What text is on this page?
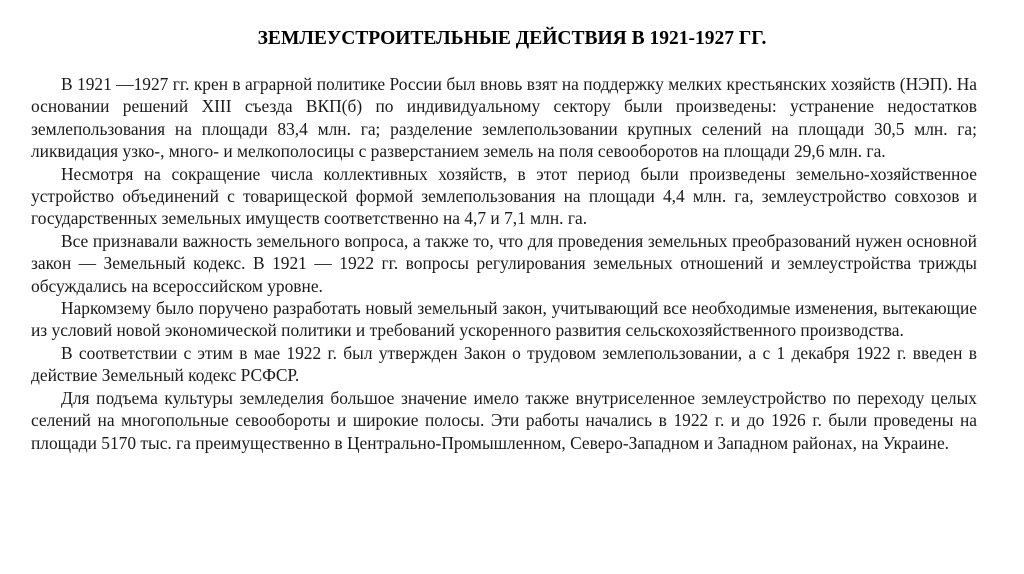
ЗЕМЛЕУСТРОИТЕЛЬНЫЕ ДЕЙСТВИЯ В 1921-1927 ГГ.

В 1921 —1927 гг. крен в аграрной политике России был вновь взят на поддержку мелких крестьянских хозяйств (НЭП). На основании решений XIII съезда ВКП(б) по индивидуальному сектору были произведены: устранение недостатков землепользования на площади 83,4 млн. га; разделение землепользовании крупных селений на площади 30,5 млн. га; ликвидация узко-, много- и мелкополосицы с разверстанием земель на поля севооборотов на площади 29,6 млн. га.

Несмотря на сокращение числа коллективных хозяйств, в этот период были произведены земельно-хозяйственное устройство объединений с товарищеской формой землепользования на площади 4,4 млн. га, землеустройство совхозов и государственных земельных имуществ соответственно на 4,7 и 7,1 млн. га.

Все признавали важность земельного вопроса, а также то, что для проведения земельных преобразований нужен основной закон — Земельный кодекс. В 1921 — 1922 гг. вопросы регулирования земельных отношений и землеустройства трижды обсуждались на всероссийском уровне.

Наркомзему было поручено разработать новый земельный закон, учитывающий все необходимые изменения, вытекающие из условий новой экономической политики и требований ускоренного развития сельскохозяйственного производства.

В соответствии с этим в мае 1922 г. был утвержден Закон о трудовом землепользовании, а с 1 декабря 1922 г. введен в действие Земельный кодекс РСФСР.

Для подъема культуры земледелия большое значение имело также внутриселенное землеустройство по переходу целых селений на многопольные севообороты и широкие полосы. Эти работы начались в 1922 г. и до 1926 г. были проведены на площади 5170 тыс. га преимущественно в Центрально-Промышленном, Северо-Западном и Западном районах, на Украине.
